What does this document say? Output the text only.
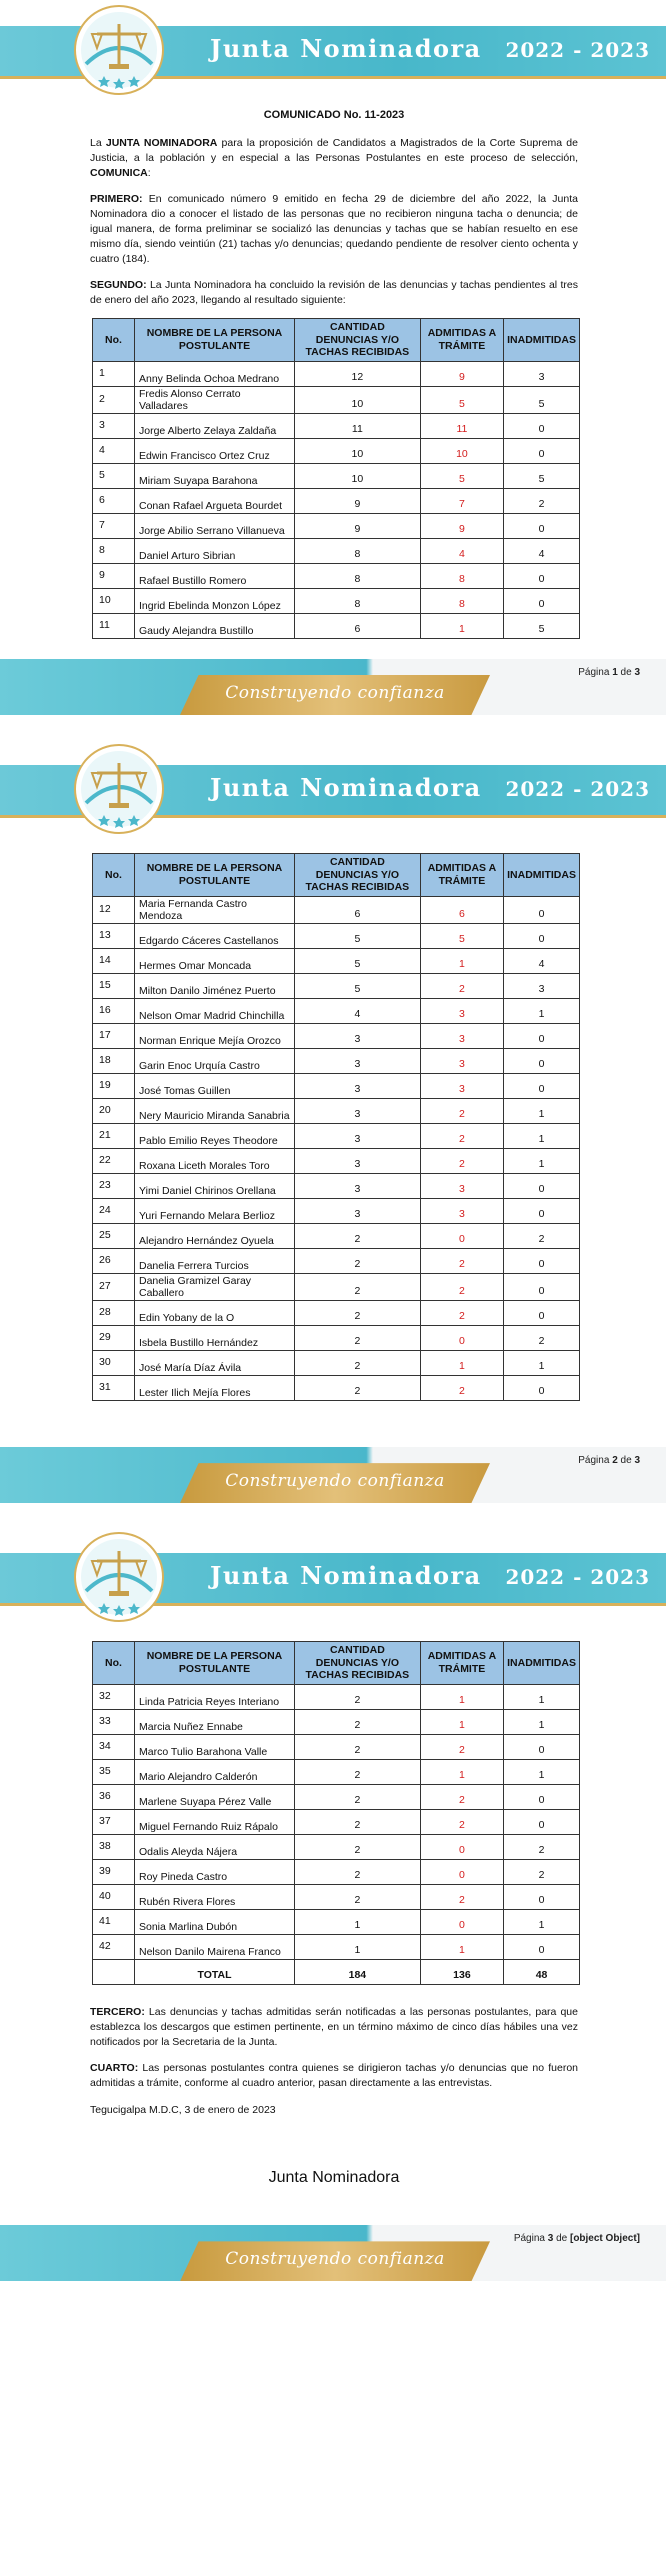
Junta Nominadora 2022 - 2023
COMUNICADO No. 11-2023

La JUNTA NOMINADORA para la proposición de Candidatos a Magistrados de la Corte Suprema de Justicia, a la población y en especial a las Personas Postulantes en este proceso de selección, COMUNICA:

PRIMERO: En comunicado número 9 emitido en fecha 29 de diciembre del año 2022, la Junta Nominadora dio a conocer el listado de las personas que no recibieron ninguna tacha o denuncia; de igual manera, de forma preliminar se socializó las denuncias y tachas que se habían resuelto en ese mismo día, siendo veintiún (21) tachas y/o denuncias; quedando pendiente de resolver ciento ochenta y cuatro (184).

SEGUNDO: La Junta Nominadora ha concluido la revisión de las denuncias y tachas pendientes al tres de enero del año 2023, llegando al resultado siguiente:

No.	NOMBRE DE LA PERSONA POSTULANTE	CANTIDAD DENUNCIAS Y/O TACHAS RECIBIDAS	ADMITIDAS A TRÁMITE	INADMITIDAS
1	Anny Belinda Ochoa Medrano	12	9	3
2	Fredis Alonso Cerrato Valladares	10	5	5
3	Jorge Alberto Zelaya Zaldaña	11	11	0
4	Edwin Francisco Ortez Cruz	10	10	0
5	Miriam Suyapa Barahona	10	5	5
6	Conan Rafael Argueta Bourdet	9	7	2
7	Jorge Abilio Serrano Villanueva	9	9	0
8	Daniel Arturo Sibrian	8	4	4
9	Rafael Bustillo Romero	8	8	0
10	Ingrid Ebelinda Monzon López	8	8	0
11	Gaudy Alejandra Bustillo	6	1	5
Construyendo confianza
Página 1 de 3
Junta Nominadora 2022 - 2023
No.	NOMBRE DE LA PERSONA POSTULANTE	CANTIDAD DENUNCIAS Y/O TACHAS RECIBIDAS	ADMITIDAS A TRÁMITE	INADMITIDAS
12	Maria Fernanda Castro Mendoza	6	6	0
13	Edgardo Cáceres Castellanos	5	5	0
14	Hermes Omar Moncada	5	1	4
15	Milton Danilo Jiménez Puerto	5	2	3
16	Nelson Omar Madrid Chinchilla	4	3	1
17	Norman Enrique Mejía Orozco	3	3	0
18	Garin Enoc Urquía Castro	3	3	0
19	José Tomas Guillen	3	3	0
20	Nery Mauricio Miranda Sanabria	3	2	1
21	Pablo Emilio Reyes Theodore	3	2	1
22	Roxana Liceth Morales Toro	3	2	1
23	Yimi Daniel Chirinos Orellana	3	3	0
24	Yuri Fernando Melara Berlioz	3	3	0
25	Alejandro Hernández Oyuela	2	0	2
26	Danelia Ferrera Turcios	2	2	0
27	Danelia Gramizel Garay Caballero	2	2	0
28	Edin Yobany de la O	2	2	0
29	Isbela Bustillo Hernández	2	0	2
30	José María Díaz Ávila	2	1	1
31	Lester Ilich Mejía Flores	2	2	0
Construyendo confianza
Página 2 de 3
Junta Nominadora 2022 - 2023
No.	NOMBRE DE LA PERSONA POSTULANTE	CANTIDAD DENUNCIAS Y/O TACHAS RECIBIDAS	ADMITIDAS A TRÁMITE	INADMITIDAS
32	Linda Patricia Reyes Interiano	2	1	1
33	Marcia Nuñez Ennabe	2	1	1
34	Marco Tulio Barahona Valle	2	2	0
35	Mario Alejandro Calderón	2	1	1
36	Marlene Suyapa Pérez Valle	2	2	0
37	Miguel Fernando Ruiz Rápalo	2	2	0
38	Odalis Aleyda Nájera	2	0	2
39	Roy Pineda Castro	2	0	2
40	Rubén Rivera Flores	2	2	0
41	Sonia Marlina Dubón	1	0	1
42	Nelson Danilo Mairena Franco	1	1	0
	TOTAL	184	136	48

TERCERO: Las denuncias y tachas admitidas serán notificadas a las personas postulantes, para que establezca los descargos que estimen pertinente, en un término máximo de cinco días hábiles una vez notificados por la Secretaria de la Junta.

CUARTO: Las personas postulantes contra quienes se dirigieron tachas y/o denuncias que no fueron admitidas a trámite, conforme al cuadro anterior, pasan directamente a las entrevistas.

Tegucigalpa M.D.C, 3 de enero de 2023
Junta Nominadora
Construyendo confianza
Página 3 de [object Object]
